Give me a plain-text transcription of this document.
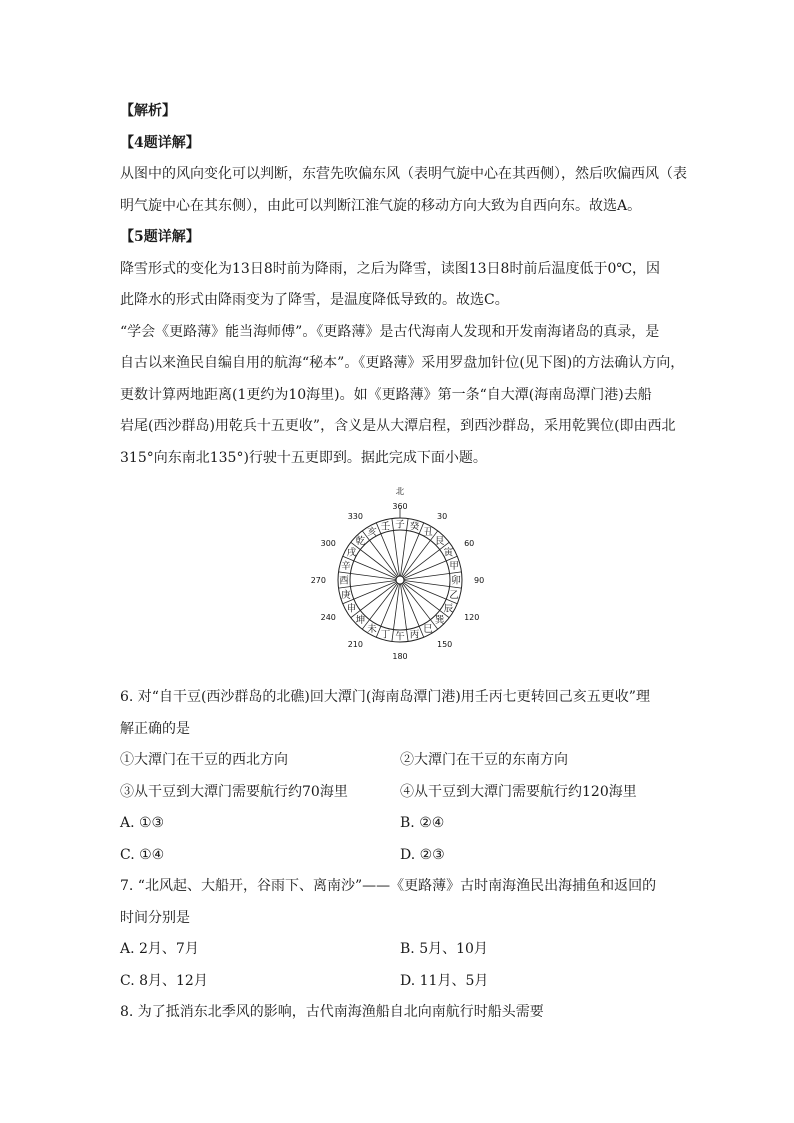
【解析】
【4题详解】
从图中的风向变化可以判断，东营先吹偏东风（表明气旋中心在其西侧），然后吹偏西风（表
明气旋中心在其东侧），由此可以判断江淮气旋的移动方向大致为自西向东。故选A。
【5题详解】
降雪形式的变化为13日8时前为降雨，之后为降雪，读图13日8时前后温度低于0℃，因
此降水的形式由降雨变为了降雪，是温度降低导致的。故选C。
“学会《更路薄》能当海师傅”。《更路薄》是古代海南人发现和开发南海诸岛的真录，是
自古以来渔民自编自用的航海“秘本”。《更路薄》采用罗盘加针位(见下图)的方法确认方向，
更数计算两地距离(1更约为10海里)。如《更路薄》第一条“自大潭(海南岛潭门港)去船
岩尾(西沙群岛)用乾兵十五更收”，含义是从大潭启程，到西沙群岛，采用乾巽位(即由西北
315°向东南北135°)行驶十五更即到。据此完成下面小题。
子 癸
丑
艮
寅
甲
卯
乙
辰
巽
巳
丙
午
丁
未
坤
申
庚
酉
辛
戌
乾
亥
壬
360
30
60
90
120
150
180
210
240
270
300
330
北
6. 对“自干豆(西沙群岛的北礁)回大潭门(海南岛潭门港)用壬丙七更转回己亥五更收”理
解正确的是
①大潭门在干豆的西北方向	②大潭门在干豆的东南方向
③从干豆到大潭门需要航行约70海里	④从干豆到大潭门需要航行约120海里
A. ①③	B. ②④
C. ①④	D. ②③
7. “北风起、大船开，谷雨下、离南沙”——《更路薄》古时南海渔民出海捕鱼和返回的
时间分别是
A. 2月、7月	B. 5月、10月
C. 8月、12月	D. 11月、5月
8. 为了抵消东北季风的影响，古代南海渔船自北向南航行时船头需要
